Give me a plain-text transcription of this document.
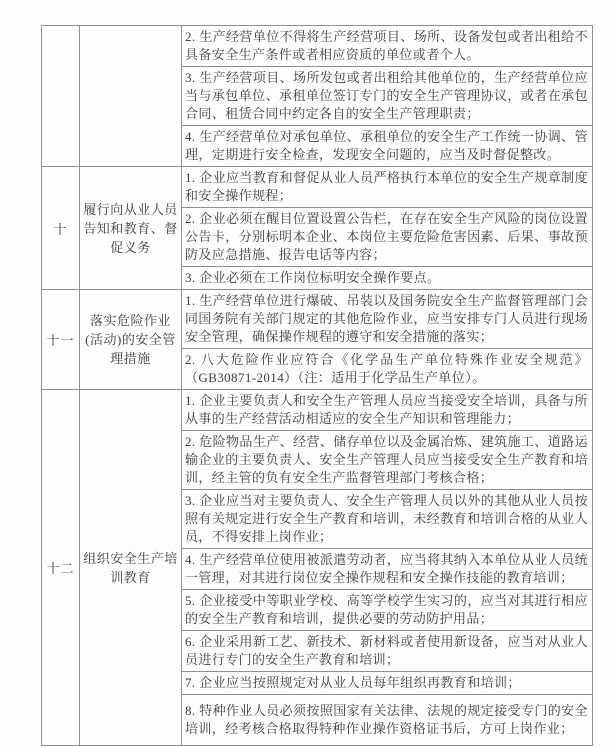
2. 生产经营单位不得将生产经营项目、场所、设备发包或者出租给不具备安全生产条件或者相应资质的单位或者个人。
3. 生产经营项目、场所发包或者出租给其他单位的，生产经营单位应当与承包单位、承租单位签订专门的安全生产管理协议，或者在承包合同、租赁合同中约定各自的安全生产管理职责；
4. 生产经营单位对承包单位、承租单位的安全生产工作统一协调、管理，定期进行安全检查，发现安全问题的，应当及时督促整改。
十
履行向从业人员告知和教育、督促义务
1. 企业应当教育和督促从业人员严格执行本单位的安全生产规章制度和安全操作规程；
2. 企业必须在醒目位置设置公告栏，在存在安全生产风险的岗位设置公告卡，分别标明本企业、本岗位主要危险危害因素、后果、事故预防及应急措施、报告电话等内容；
3. 企业必须在工作岗位标明安全操作要点。
十一
落实危险作业(活动)的安全管理措施
1. 生产经营单位进行爆破、吊装以及国务院安全生产监督管理部门会同国务院有关部门规定的其他危险作业，应当安排专门人员进行现场安全管理，确保操作规程的遵守和安全措施的落实；
2. 八大危险作业应符合《化学品生产单位特殊作业安全规范》（GB30871-2014）（注：适用于化学品生产单位）。
十二
组织安全生产培训教育
1. 企业主要负责人和安全生产管理人员应当接受安全培训，具备与所从事的生产经营活动相适应的安全生产知识和管理能力；
2. 危险物品生产、经营、储存单位以及金属冶炼、建筑施工、道路运输企业的主要负责人、安全生产管理人员应当接受安全生产教育和培训，经主管的负有安全生产监督管理部门考核合格；
3. 企业应当对主要负责人、安全生产管理人员以外的其他从业人员按照有关规定进行安全生产教育和培训，未经教育和培训合格的从业人员，不得安排上岗作业；
4. 生产经营单位使用被派遣劳动者，应当将其纳入本单位从业人员统一管理，对其进行岗位安全操作规程和安全操作技能的教育培训；
5. 企业接受中等职业学校、高等学校学生实习的，应当对其进行相应的安全生产教育和培训，提供必要的劳动防护用品；
6. 企业采用新工艺、新技术、新材料或者使用新设备，应当对从业人员进行专门的安全生产教育和培训；
7. 企业应当按照规定对从业人员每年组织再教育和培训；
8. 特种作业人员必须按照国家有关法律、法规的规定接受专门的安全培训，经考核合格取得特种作业操作资格证书后，方可上岗作业；
